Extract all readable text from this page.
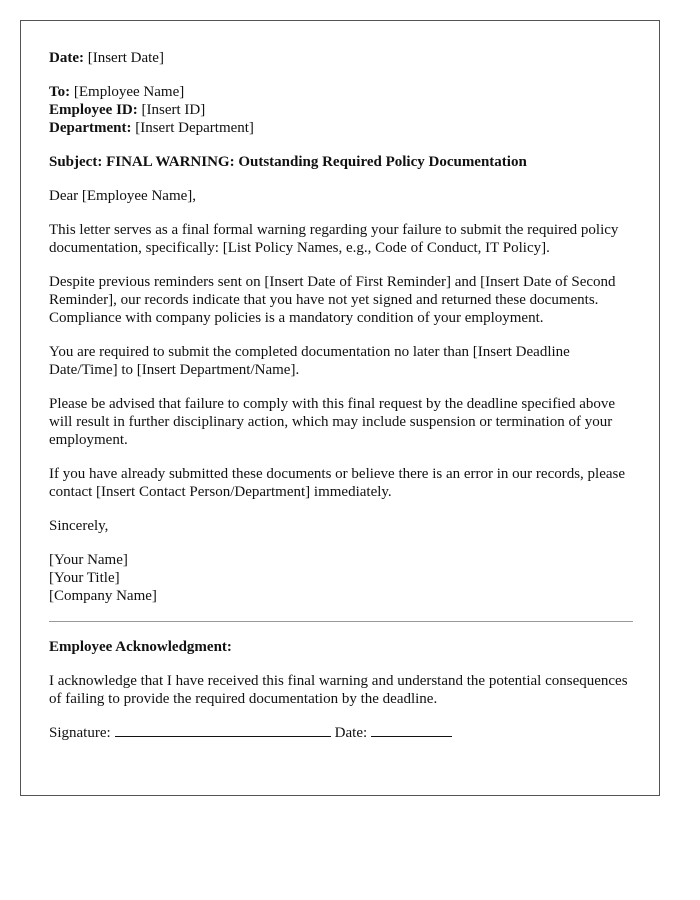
Date: [Insert Date]

To: [Employee Name]
Employee ID: [Insert ID]
Department: [Insert Department]

Subject: FINAL WARNING: Outstanding Required Policy Documentation

Dear [Employee Name],

This letter serves as a final formal warning regarding your failure to submit the required policy documentation, specifically: [List Policy Names, e.g., Code of Conduct, IT Policy].

Despite previous reminders sent on [Insert Date of First Reminder] and [Insert Date of Second Reminder], our records indicate that you have not yet signed and returned these documents. Compliance with company policies is a mandatory condition of your employment.

You are required to submit the completed documentation no later than [Insert Deadline Date/Time] to [Insert Department/Name].

Please be advised that failure to comply with this final request by the deadline specified above will result in further disciplinary action, which may include suspension or termination of your employment.

If you have already submitted these documents or believe there is an error in our records, please contact [Insert Contact Person/Department] immediately.

Sincerely,

[Your Name]
[Your Title]
[Company Name]

Employee Acknowledgment:

I acknowledge that I have received this final warning and understand the potential consequences of failing to provide the required documentation by the deadline.

Signature:	Date:
